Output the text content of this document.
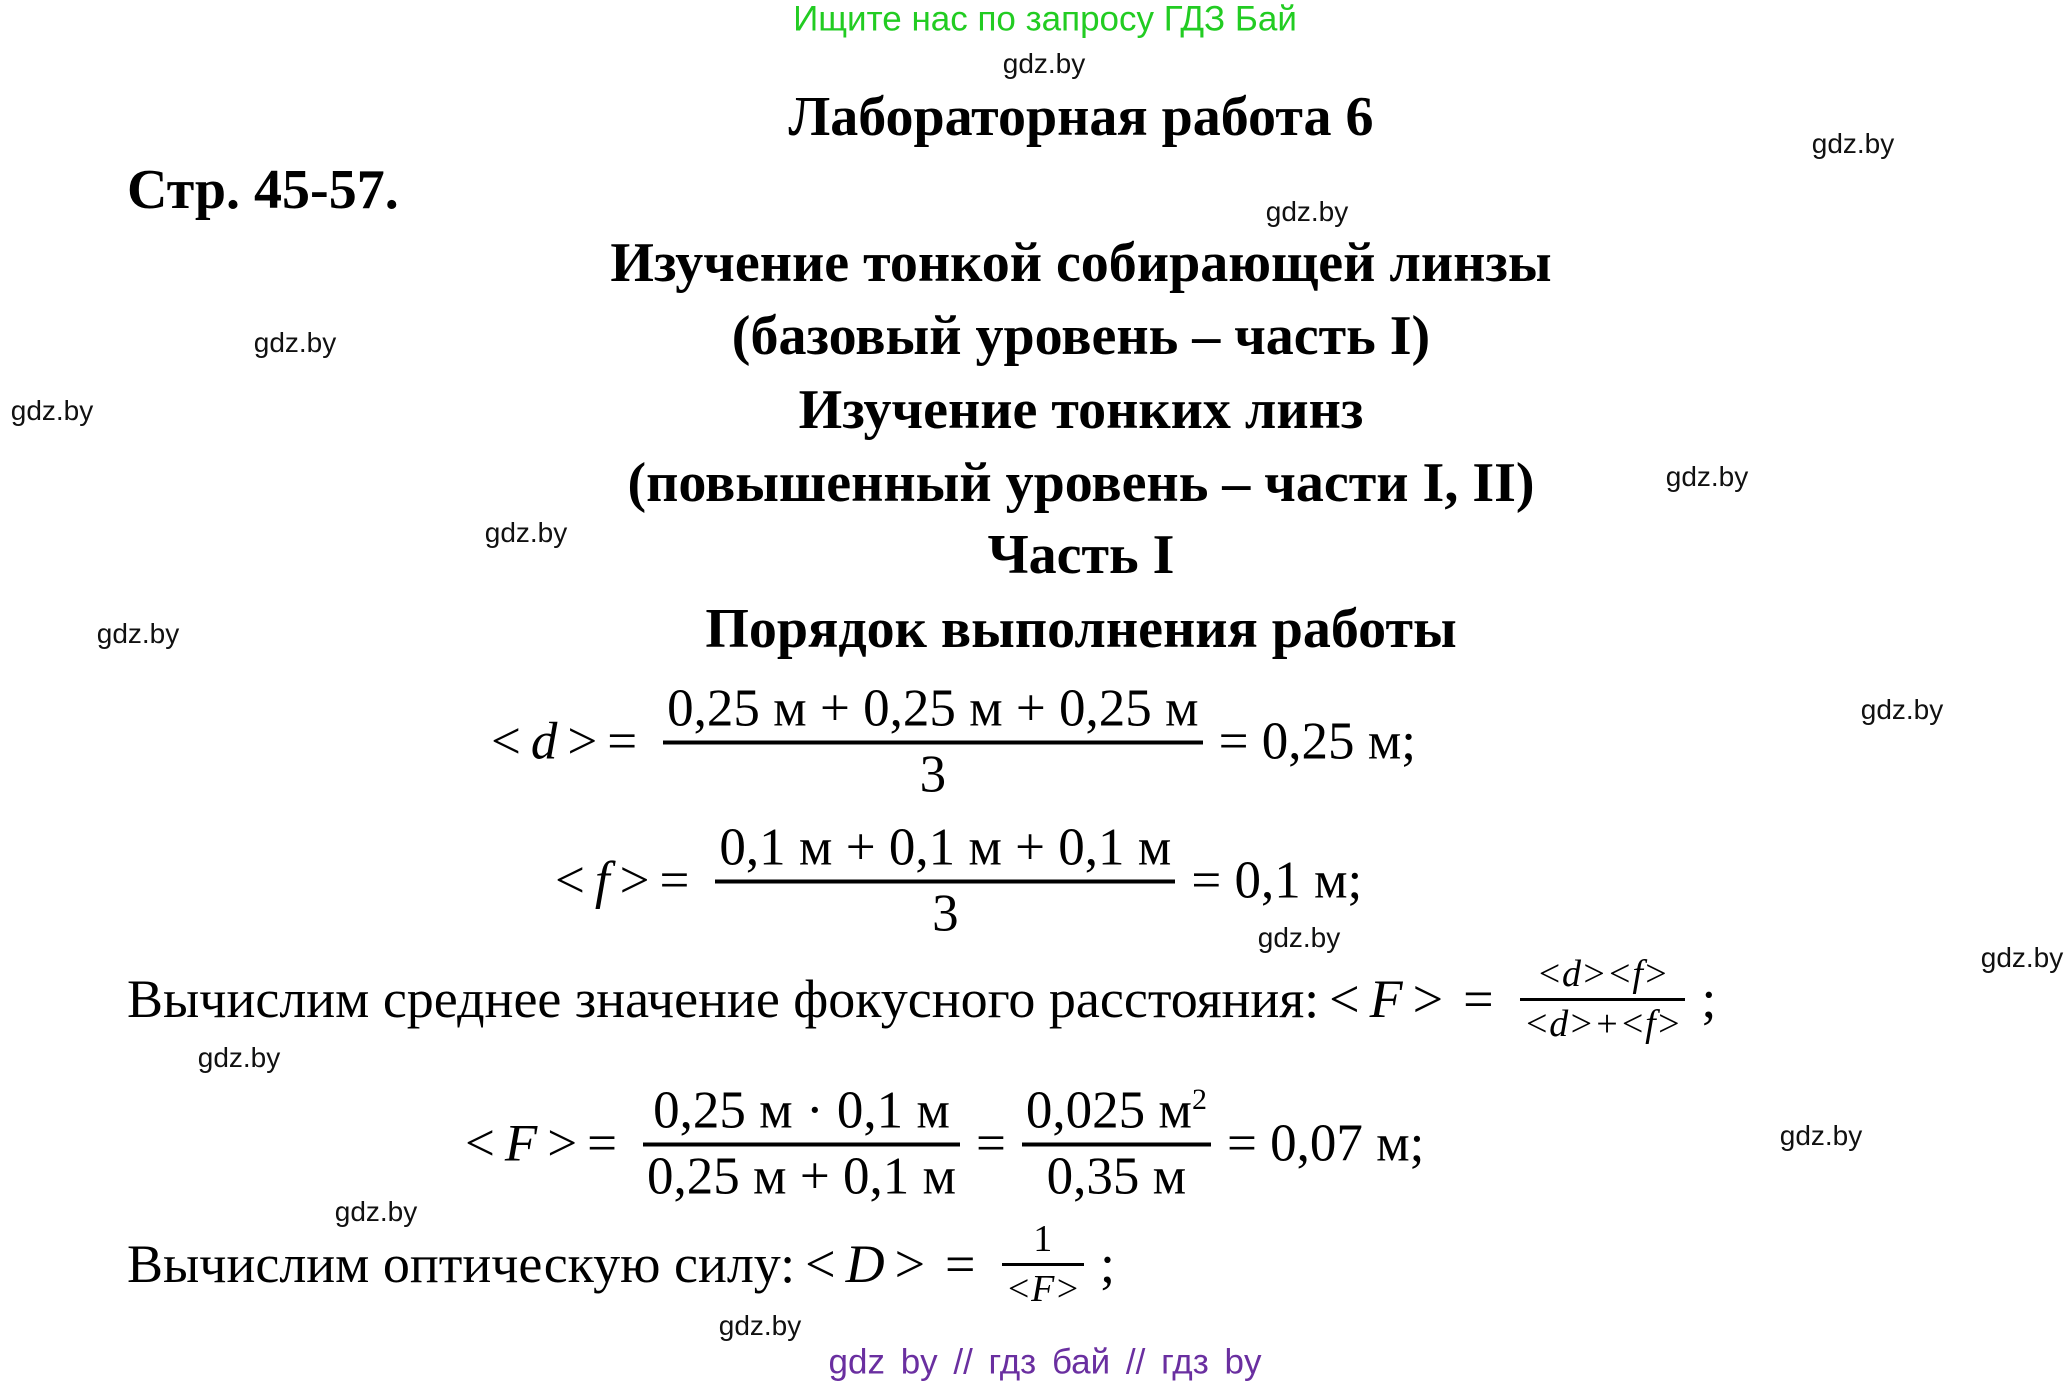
Ищите нас по запросу ГДЗ Бай
gdz.by
gdz.by
gdz.by
gdz.by
gdz.by
gdz.by
gdz.by
gdz.by
gdz.by
gdz.by
gdz.by
gdz.by
gdz.by
gdz.by
gdz.by
Лабораторная работа 6
Стр. 45-57.
Изучение тонкой собирающей линзы
(базовый уровень – часть I)
Изучение тонких линз
(повышенный уровень – части I, II)
Часть I
Порядок выполнения работы
< d > = $\frac{0,25 м + 0,25 м + 0,25 м}{3} = 0,25$ м;
< f > = $\frac{0,1 м + 0,1 м + 0,1 м}{3} = 0,1$ м;
Вычислим среднее значение фокусного расстояния: < F > = $\frac{<d><f>}{<d>+<f>}$ ;
< F > = $\frac{0,25 м \cdot 0,1 м}{0,25 м + 0,1 м} = \frac{0,025 м^2}{0,35 м} = 0,07$ м;
Вычислим оптическую силу: < D > = $\frac{1}{<F>}$ ;
gdz by // гдз бай // гдз by
